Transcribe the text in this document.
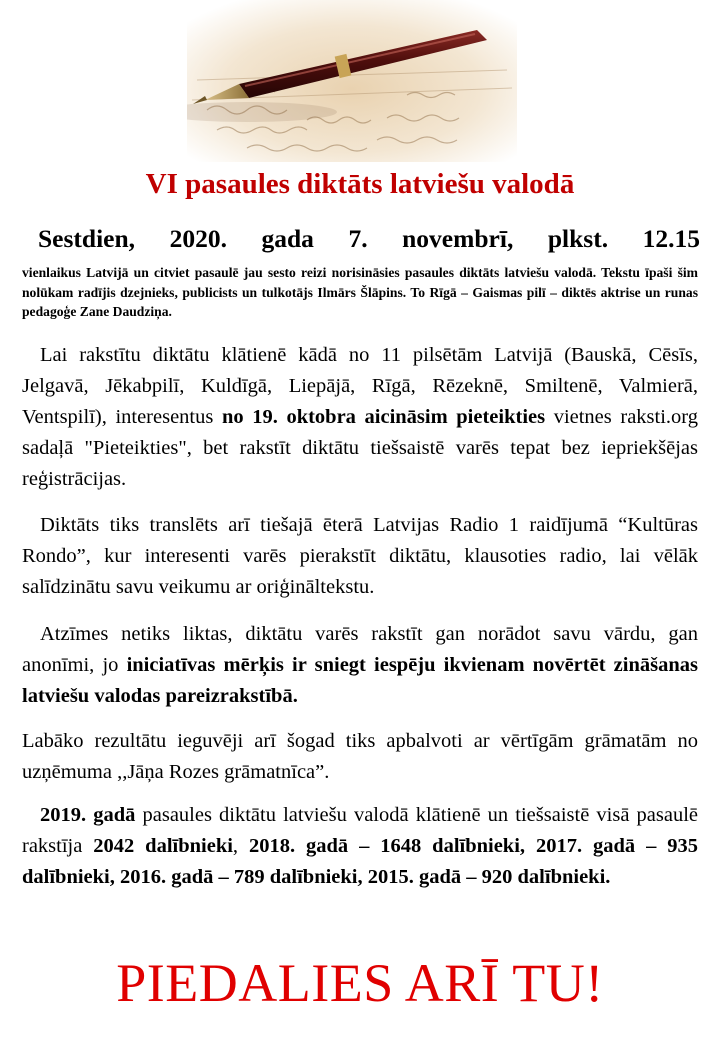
VI pasaules diktāts latviešu valodā
Sestdien, 2020. gada 7. novembrī, plkst. 12.15
vienlaikus Latvijā un citviet pasaulē jau sesto reizi norisināsies pasaules diktāts latviešu valodā. Tekstu īpaši šim nolūkam radījis dzejnieks, publicists un tulkotājs Ilmārs Šlāpins. To Rīgā – Gaismas pilī – diktēs aktrise un runas pedagoģe Zane Daudziņa.
Lai rakstītu diktātu klātienē kādā no 11 pilsētām Latvijā (Bauskā, Cēsīs, Jelgavā, Jēkabpilī, Kuldīgā, Liepājā, Rīgā, Rēzeknē, Smiltenē, Valmierā, Ventspilī), interesentus no 19. oktobra aicināsim pieteikties vietnes raksti.org sadaļā "Pieteikties", bet rakstīt diktātu tiešsaistē varēs tepat bez iepriekšējas reģistrācijas.
Diktāts tiks translēts arī tiešajā ēterā Latvijas Radio 1 raidījumā “Kultūras Rondo”, kur interesenti varēs pierakstīt diktātu, klausoties radio, lai vēlāk salīdzinātu savu veikumu ar oriģināltekstu.
Atzīmes netiks liktas, diktātu varēs rakstīt gan norādot savu vārdu, gan anonīmi, jo iniciatīvas mērķis ir sniegt iespēju ikvienam novērtēt zināšanas latviešu valodas pareizrakstībā.
Labāko rezultātu ieguvēji arī šogad tiks apbalvoti ar vērtīgām grāmatām no uzņēmuma ,,Jāņa Rozes grāmatnīca”.
2019. gadā pasaules diktātu latviešu valodā klātienē un tiešsaistē visā pasaulē rakstīja 2042 dalībnieki, 2018. gadā – 1648 dalībnieki, 2017. gadā – 935 dalībnieki, 2016. gadā – 789 dalībnieki, 2015. gadā – 920 dalībnieki.
PIEDALIES ARĪ TU!
